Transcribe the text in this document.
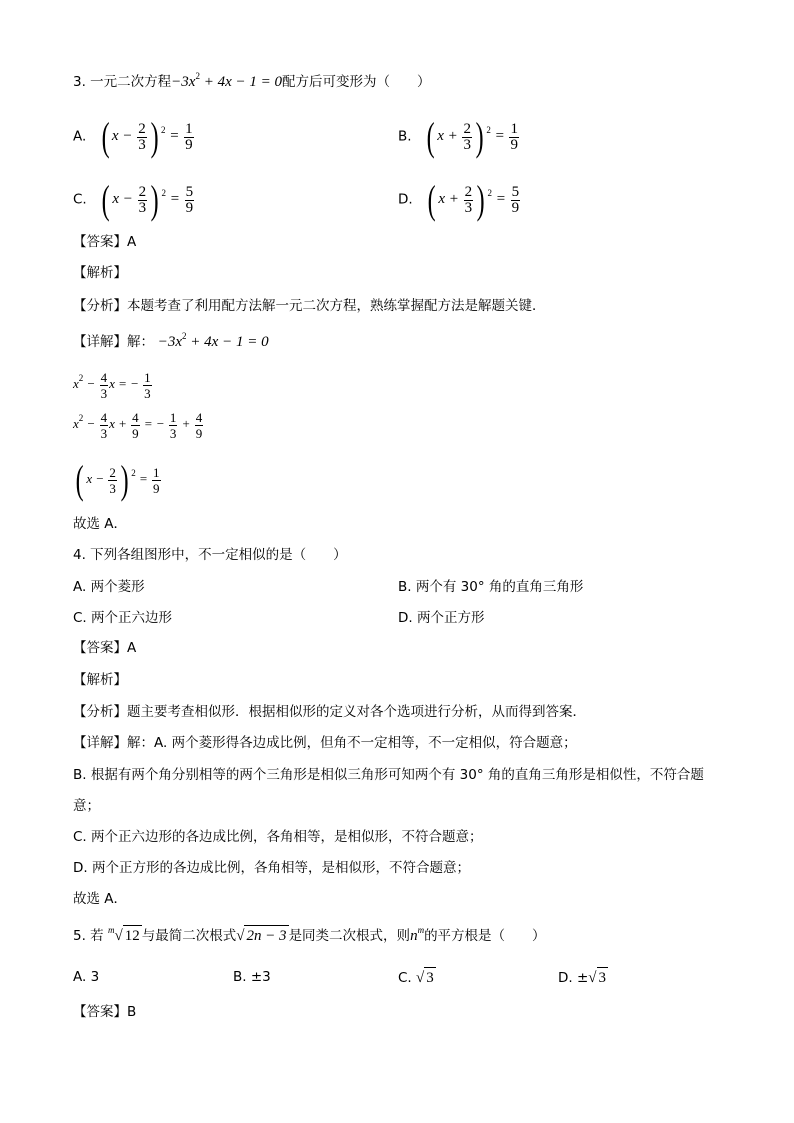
3. 一元二次方程$-3x^2 + 4x - 1 = 0$配方后可变形为（　　）
A. ( $x - \frac{2}{3}$ ) $^2 = \frac{1}{9}$	B. ( $x + \frac{2}{3}$ ) $^2 = \frac{1}{9}$
C. ( $x - \frac{2}{3}$ ) $^2 = \frac{5}{9}$	D. ( $x + \frac{2}{3}$ ) $^2 = \frac{5}{9}$
【答案】A
【解析】
【分析】本题考查了利用配方法解一元二次方程，熟练掌握配方法是解题关键．
【详解】解： $-3x^2 + 4x - 1 = 0$
$x^2 - \frac{4}{3}$ x = − $\frac{1}{3}$
$x^2 - \frac{4}{3}$ $x + \frac{4}{9}$ = − $\frac{1}{3} + \frac{4}{9}$
( $x - \frac{2}{3}$ ) $^2 = \frac{1}{9}$
故选 A．
4. 下列各组图形中，不一定相似的是（　　）
A. 两个菱形	B. 两个有 30° 角的直角三角形
C. 两个正六边形	D. 两个正方形
【答案】A
【解析】
【分析】题主要考查相似形．根据相似形的定义对各个选项进行分析，从而得到答案．
【详解】解：A. 两个菱形得各边成比例，但角不一定相等，不一定相似，符合题意；
B. 根据有两个角分别相等的两个三角形是相似三角形可知两个有 30° 角的直角三角形是相似性，不符合题
意；
C. 两个正六边形的各边成比例，各角相等，是相似形，不符合题意；
D. 两个正方形的各边成比例，各角相等，是相似形，不符合题意；
故选 A．
5. 若 $^m$√ 12 与最简二次根式√ 2n − 3 是同类二次根式，则$n^m$的平方根是（　　）
A. 3	B. ±3	C. √ 3	D. ±√ 3
【答案】B
